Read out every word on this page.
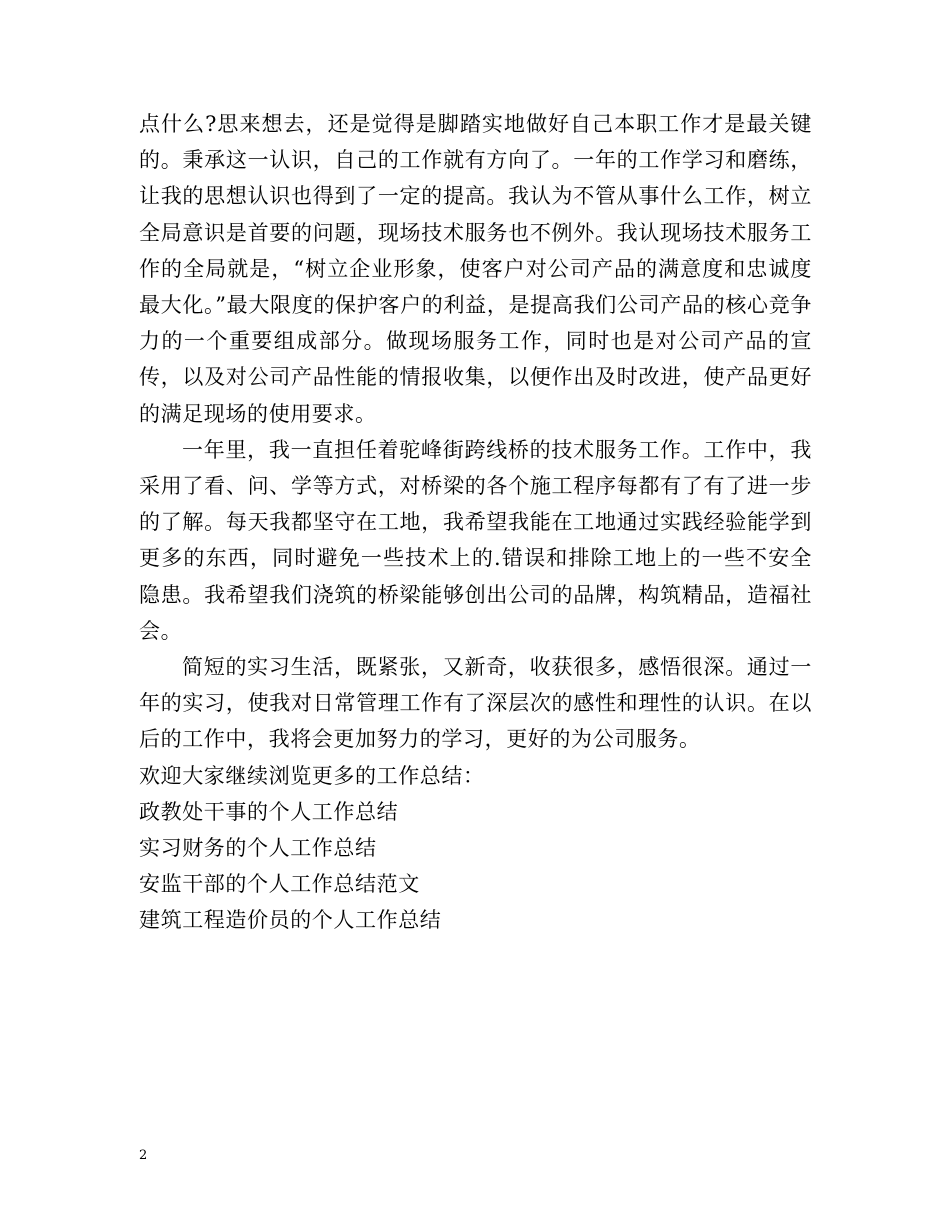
点什么?思来想去，还是觉得是脚踏实地做好自己本职工作才是最关键的。秉承这一认识，自己的工作就有方向了。一年的工作学习和磨练，让我的思想认识也得到了一定的提高。我认为不管从事什么工作，树立全局意识是首要的问题，现场技术服务也不例外。我认现场技术服务工作的全局就是，“树立企业形象，使客户对公司产品的满意度和忠诚度最大化。”最大限度的保护客户的利益，是提高我们公司产品的核心竞争力的一个重要组成部分。做现场服务工作，同时也是对公司产品的宣传，以及对公司产品性能的情报收集，以便作出及时改进，使产品更好的满足现场的使用要求。

一年里，我一直担任着驼峰街跨线桥的技术服务工作。工作中，我采用了看、问、学等方式，对桥梁的各个施工程序每都有了有了进一步的了解。每天我都坚守在工地，我希望我能在工地通过实践经验能学到更多的东西，同时避免一些技术上的.错误和排除工地上的一些不安全隐患。我希望我们浇筑的桥梁能够创出公司的品牌，构筑精品，造福社会。

简短的实习生活，既紧张，又新奇，收获很多，感悟很深。通过一年的实习，使我对日常管理工作有了深层次的感性和理性的认识。在以后的工作中，我将会更加努力的学习，更好的为公司服务。

欢迎大家继续浏览更多的工作总结：

政教处干事的个人工作总结
实习财务的个人工作总结
安监干部的个人工作总结范文
建筑工程造价员的个人工作总结
2
